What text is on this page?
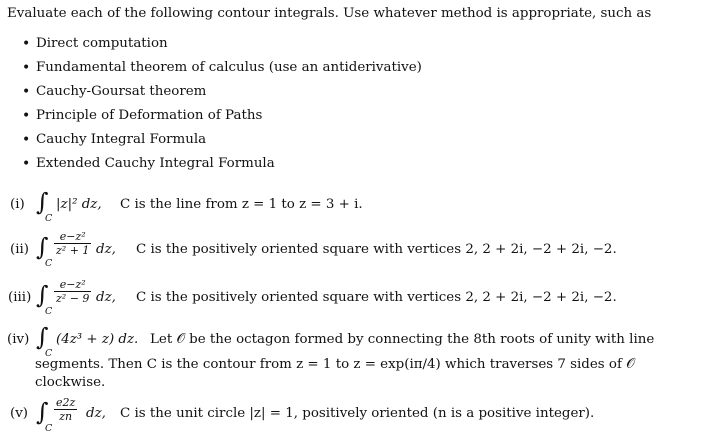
Evaluate each of the following contour integrals. Use whatever method is appropriate, such as
• Direct computation
• Fundamental theorem of calculus (use an antiderivative)
• Cauchy-Goursat theorem
• Principle of Deformation of Paths
• Cauchy Integral Formula
• Extended Cauchy Integral Formula
(i) ∫
C
|z|² dz, C is the line from z = 1 to z = 3 + i.
(ii) ∫
C
e−z²
z² + 1 dz, C is the positively oriented square with vertices 2, 2 + 2i, −2 + 2i, −2.
(iii) ∫
C
e−z²
z² − 9 dz, C is the positively oriented square with vertices 2, 2 + 2i, −2 + 2i, −2.
(iv) ∫
C
(4z³ + z) dz. Let 𝒪 be the octagon formed by connecting the 8th roots of unity with line
segments. Then C is the contour from z = 1 to z = exp(iπ/4) which traverses 7 sides of 𝒪
clockwise.
(v) ∫
C
e2z
zn	dz, C is the unit circle |z| = 1, positively oriented (n is a positive integer).
